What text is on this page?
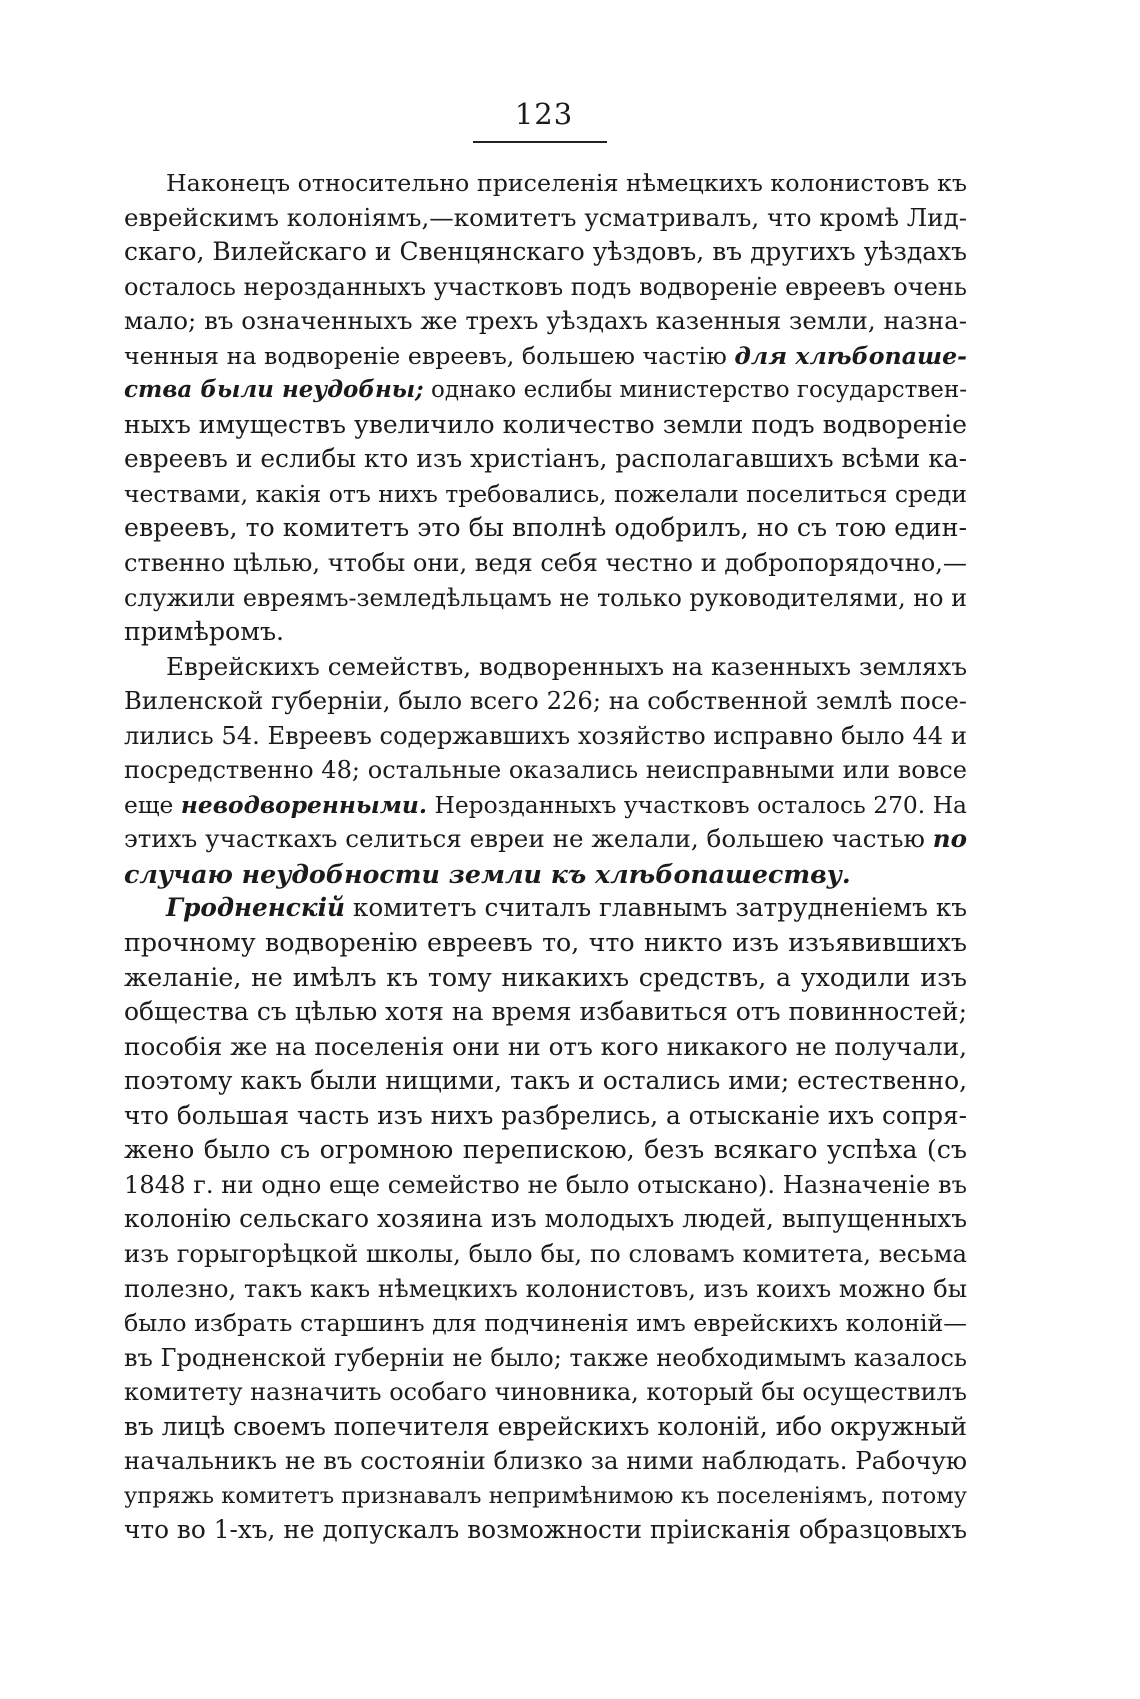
123
Наконецъ относительно приселенія нѣмецкихъ колонистовъ къ
еврейскимъ колоніямъ,—комитетъ усматривалъ, что кромѣ Лид-
скаго, Вилейскаго и Свенцянскаго уѣздовъ, въ другихъ уѣздахъ
осталось нерозданныхъ участковъ подъ водвореніе евреевъ очень
мало; въ означенныхъ же трехъ уѣздахъ казенныя земли, назна-
ченныя на водвореніе евреевъ, большею частію для хлѣбопаше-
ства были неудобны; однако еслибы министерство государствен-
ныхъ имуществъ увеличило количество земли подъ водвореніе
евреевъ и еслибы кто изъ христіанъ, располагавшихъ всѣми ка-
чествами, какія отъ нихъ требовались, пожелали поселиться среди
евреевъ, то комитетъ это бы вполнѣ одобрилъ, но съ тою един-
ственно цѣлью, чтобы они, ведя себя честно и добропорядочно,—
служили евреямъ-земледѣльцамъ не только руководителями, но и
примѣромъ.
Еврейскихъ семействъ, водворенныхъ на казенныхъ земляхъ
Виленской губерніи, было всего 226; на собственной землѣ посе-
лились 54. Евреевъ содержавшихъ хозяйство исправно было 44 и
посредственно 48; остальные оказались неисправными или вовсе
еще неводворенными. Нерозданныхъ участковъ осталось 270. На
этихъ участкахъ селиться евреи не желали, большею частью по
случаю неудобности земли къ хлѣбопашеству.
Гродненскій комитетъ считалъ главнымъ затрудненіемъ къ
прочному водворенію евреевъ то, что никто изъ изъявившихъ
желаніе, не имѣлъ къ тому никакихъ средствъ, а уходили изъ
общества съ цѣлью хотя на время избавиться отъ повинностей;
пособія же на поселенія они ни отъ кого никакого не получали,
поэтому какъ были нищими, такъ и остались ими; естественно,
что большая часть изъ нихъ разбрелись, а отысканіе ихъ сопря-
жено было съ огромною перепискою, безъ всякаго успѣха (съ
1848 г. ни одно еще семейство не было отыскано). Назначеніе въ
колонію сельскаго хозяина изъ молодыхъ людей, выпущенныхъ
изъ горыгорѣцкой школы, было бы, по словамъ комитета, весьма
полезно, такъ какъ нѣмецкихъ колонистовъ, изъ коихъ можно бы
было избрать старшинъ для подчиненія имъ еврейскихъ колоній—
въ Гродненской губерніи не было; также необходимымъ казалось
комитету назначить особаго чиновника, который бы осуществилъ
въ лицѣ своемъ попечителя еврейскихъ колоній, ибо окружный
начальникъ не въ состояніи близко за ними наблюдать. Рабочую
упряжь комитетъ признавалъ непримѣнимою къ поселеніямъ, потому
что во 1-хъ, не допускалъ возможности пріисканія образцовыхъ
